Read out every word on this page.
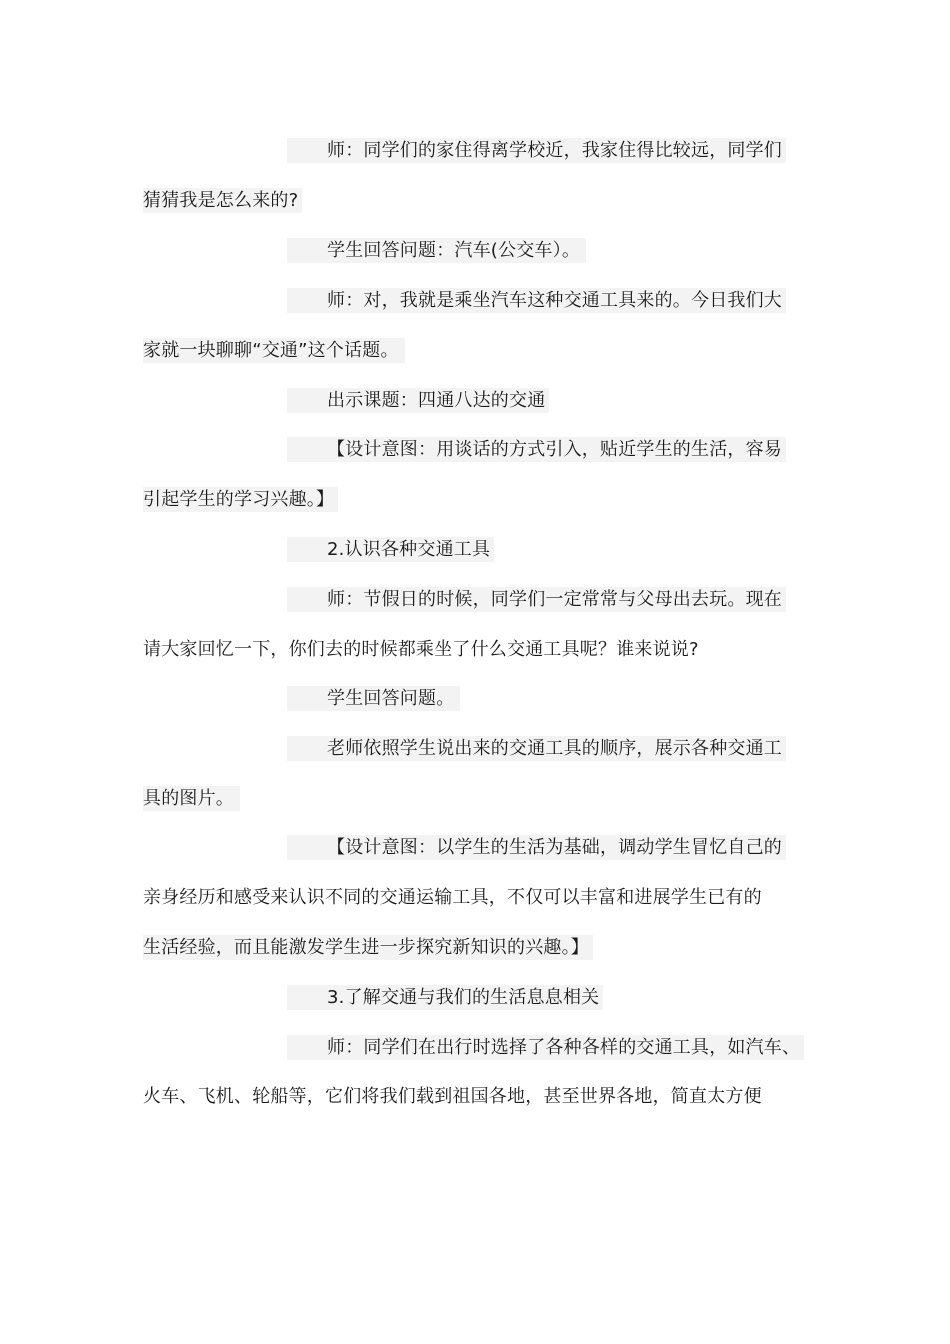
师：同学们的家住得离学校近，我家住得比较远，同学们
猜猜我是怎么来的?
学生回答问题：汽车(公交车）。
师：对，我就是乘坐汽车这种交通工具来的。今日我们大
家就一块聊聊“交通”这个话题。
出示课题：四通八达的交通
【设计意图：用谈话的方式引入，贴近学生的生活，容易
引起学生的学习兴趣。】
2.认识各种交通工具
师：节假日的时候，同学们一定常常与父母出去玩。现在
请大家回忆一下，你们去的时候都乘坐了什么交通工具呢？谁来说说?
学生回答问题。
老师依照学生说出来的交通工具的顺序，展示各种交通工
具的图片。
【设计意图：以学生的生活为基础，调动学生冒忆自己的
亲身经历和感受来认识不同的交通运输工具，不仅可以丰富和进展学生已有的
生活经验，而且能激发学生进一步探究新知识的兴趣。】
3.了解交通与我们的生活息息相关
师：同学们在出行时选择了各种各样的交通工具，如汽车、
火车、飞机、轮船等，它们将我们载到祖国各地，甚至世界各地，简直太方便
